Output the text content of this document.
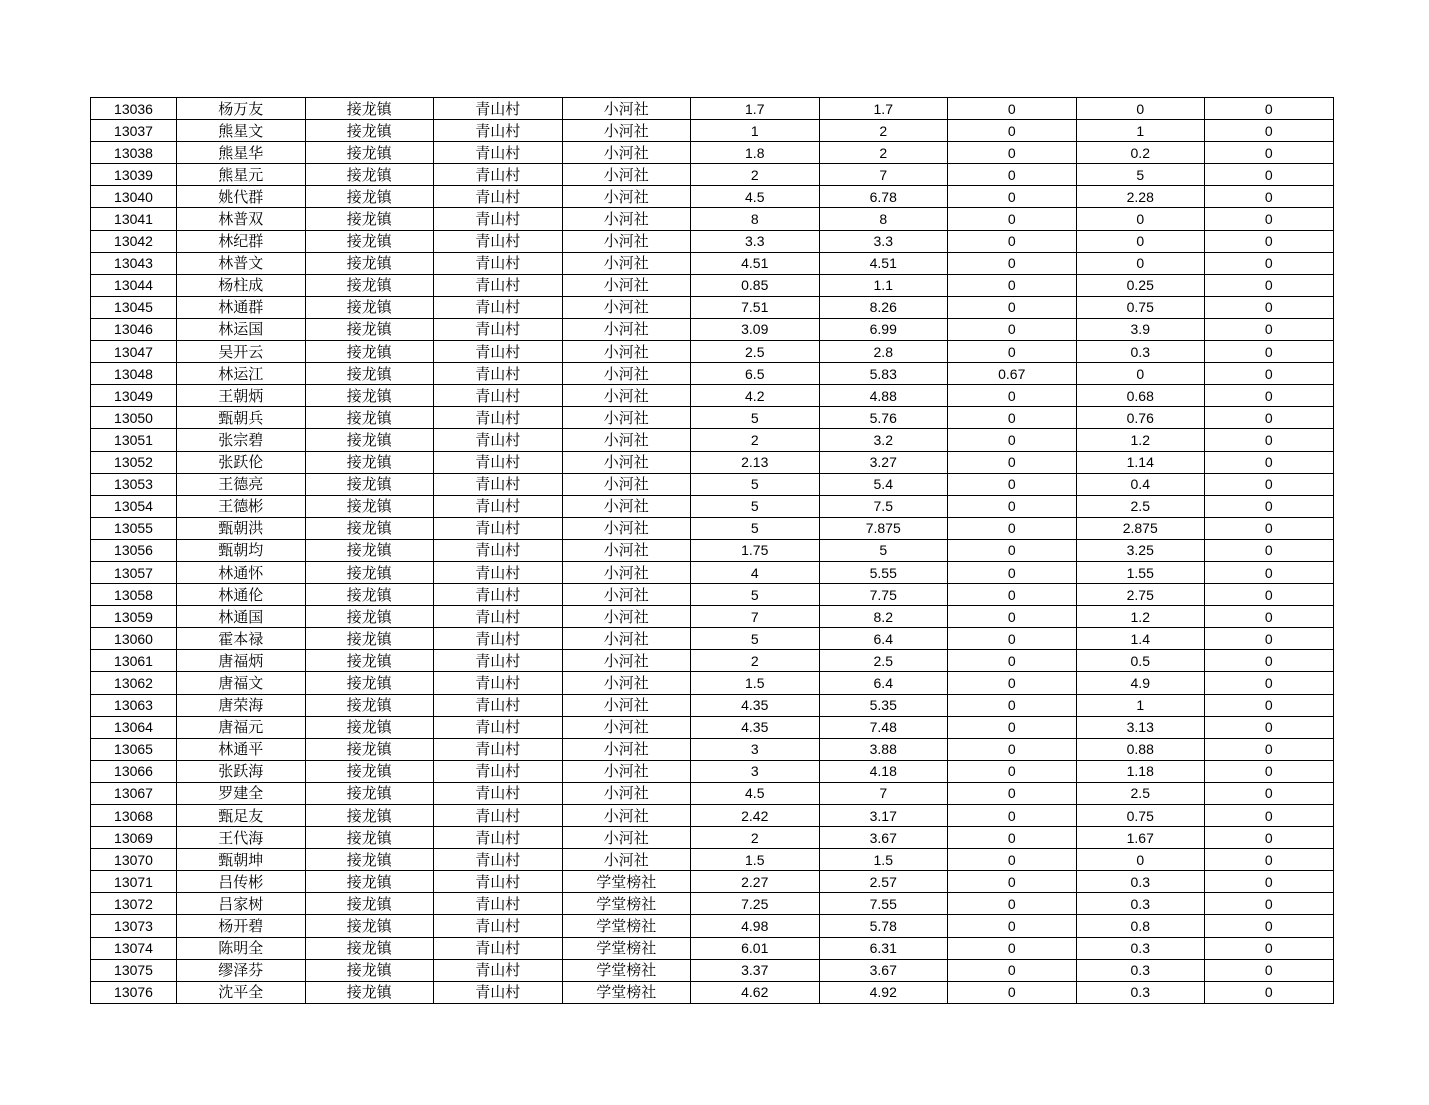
13036	杨万友	接龙镇	青山村	小河社	1.7	1.7	0	0	0
13037	熊星文	接龙镇	青山村	小河社	1	2	0	1	0
13038	熊星华	接龙镇	青山村	小河社	1.8	2	0	0.2	0
13039	熊星元	接龙镇	青山村	小河社	2	7	0	5	0
13040	姚代群	接龙镇	青山村	小河社	4.5	6.78	0	2.28	0
13041	林普双	接龙镇	青山村	小河社	8	8	0	0	0
13042	林纪群	接龙镇	青山村	小河社	3.3	3.3	0	0	0
13043	林普文	接龙镇	青山村	小河社	4.51	4.51	0	0	0
13044	杨柱成	接龙镇	青山村	小河社	0.85	1.1	0	0.25	0
13045	林通群	接龙镇	青山村	小河社	7.51	8.26	0	0.75	0
13046	林运国	接龙镇	青山村	小河社	3.09	6.99	0	3.9	0
13047	吴开云	接龙镇	青山村	小河社	2.5	2.8	0	0.3	0
13048	林运江	接龙镇	青山村	小河社	6.5	5.83	0.67	0	0
13049	王朝炳	接龙镇	青山村	小河社	4.2	4.88	0	0.68	0
13050	甄朝兵	接龙镇	青山村	小河社	5	5.76	0	0.76	0
13051	张宗碧	接龙镇	青山村	小河社	2	3.2	0	1.2	0
13052	张跃伦	接龙镇	青山村	小河社	2.13	3.27	0	1.14	0
13053	王德亮	接龙镇	青山村	小河社	5	5.4	0	0.4	0
13054	王德彬	接龙镇	青山村	小河社	5	7.5	0	2.5	0
13055	甄朝洪	接龙镇	青山村	小河社	5	7.875	0	2.875	0
13056	甄朝均	接龙镇	青山村	小河社	1.75	5	0	3.25	0
13057	林通怀	接龙镇	青山村	小河社	4	5.55	0	1.55	0
13058	林通伦	接龙镇	青山村	小河社	5	7.75	0	2.75	0
13059	林通国	接龙镇	青山村	小河社	7	8.2	0	1.2	0
13060	霍本禄	接龙镇	青山村	小河社	5	6.4	0	1.4	0
13061	唐福炳	接龙镇	青山村	小河社	2	2.5	0	0.5	0
13062	唐福文	接龙镇	青山村	小河社	1.5	6.4	0	4.9	0
13063	唐荣海	接龙镇	青山村	小河社	4.35	5.35	0	1	0
13064	唐福元	接龙镇	青山村	小河社	4.35	7.48	0	3.13	0
13065	林通平	接龙镇	青山村	小河社	3	3.88	0	0.88	0
13066	张跃海	接龙镇	青山村	小河社	3	4.18	0	1.18	0
13067	罗建全	接龙镇	青山村	小河社	4.5	7	0	2.5	0
13068	甄足友	接龙镇	青山村	小河社	2.42	3.17	0	0.75	0
13069	王代海	接龙镇	青山村	小河社	2	3.67	0	1.67	0
13070	甄朝坤	接龙镇	青山村	小河社	1.5	1.5	0	0	0
13071	吕传彬	接龙镇	青山村	学堂榜社	2.27	2.57	0	0.3	0
13072	吕家树	接龙镇	青山村	学堂榜社	7.25	7.55	0	0.3	0
13073	杨开碧	接龙镇	青山村	学堂榜社	4.98	5.78	0	0.8	0
13074	陈明全	接龙镇	青山村	学堂榜社	6.01	6.31	0	0.3	0
13075	缪泽芬	接龙镇	青山村	学堂榜社	3.37	3.67	0	0.3	0
13076	沈平全	接龙镇	青山村	学堂榜社	4.62	4.92	0	0.3	0
